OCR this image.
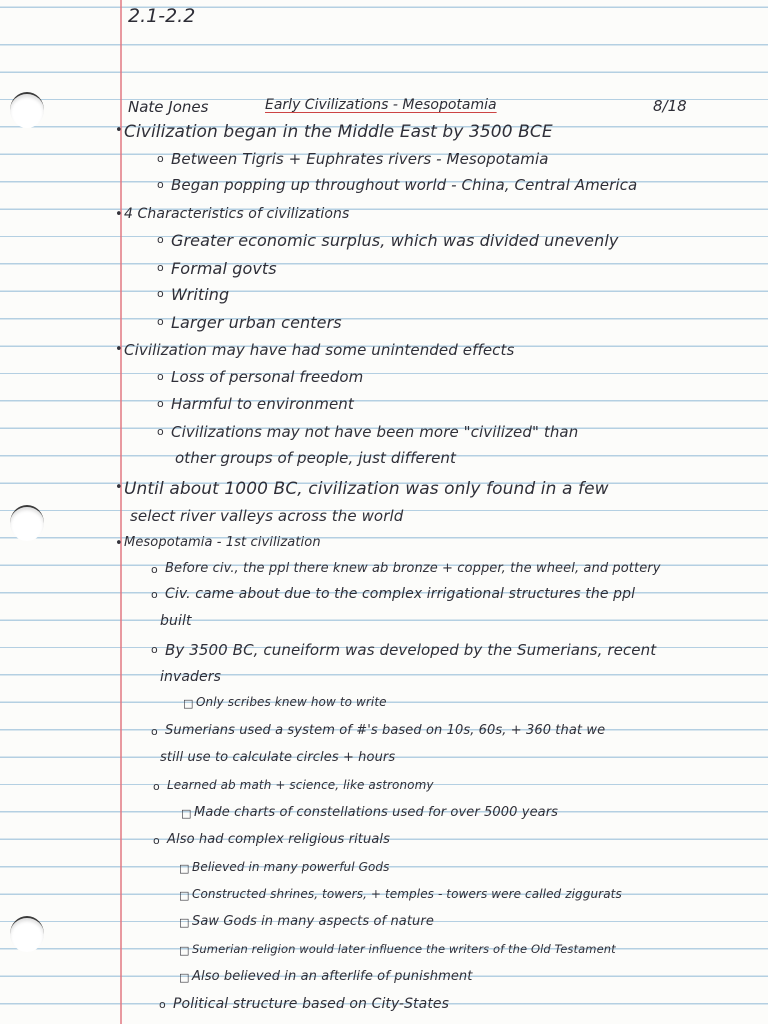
2.1-2.2
Nate Jones	Early Civilizations - Mesopotamia	8/18
• Civilization began in the Middle East by 3500 BCE
o Between Tigris + Euphrates rivers - Mesopotamia
o Began popping up throughout world - China, Central America
• 4 Characteristics of civilizations
o Greater economic surplus, which was divided unevenly
o Formal govts
o Writing
o Larger urban centers
• Civilization may have had some unintended effects
o Loss of personal freedom
o Harmful to environment
o Civilizations may not have been more "civilized" than
other groups of people, just different
• Until about 1000 BC, civilization was only found in a few
select river valleys across the world
• Mesopotamia - 1st civilization
o Before civ., the ppl there knew ab bronze + copper, the wheel, and pottery
o Civ. came about due to the complex irrigational structures the ppl
built
o By 3500 BC, cuneiform was developed by the Sumerians, recent
invaders
□ Only scribes knew how to write
o Sumerians used a system of #'s based on 10s, 60s, + 360 that we
still use to calculate circles + hours
o Learned ab math + science, like astronomy
□ Made charts of constellations used for over 5000 years
o Also had complex religious rituals
□ Believed in many powerful Gods
□ Constructed shrines, towers, + temples - towers were called ziggurats
□ Saw Gods in many aspects of nature
□ Sumerian religion would later influence the writers of the Old Testament
□ Also believed in an afterlife of punishment
o Political structure based on City-States
